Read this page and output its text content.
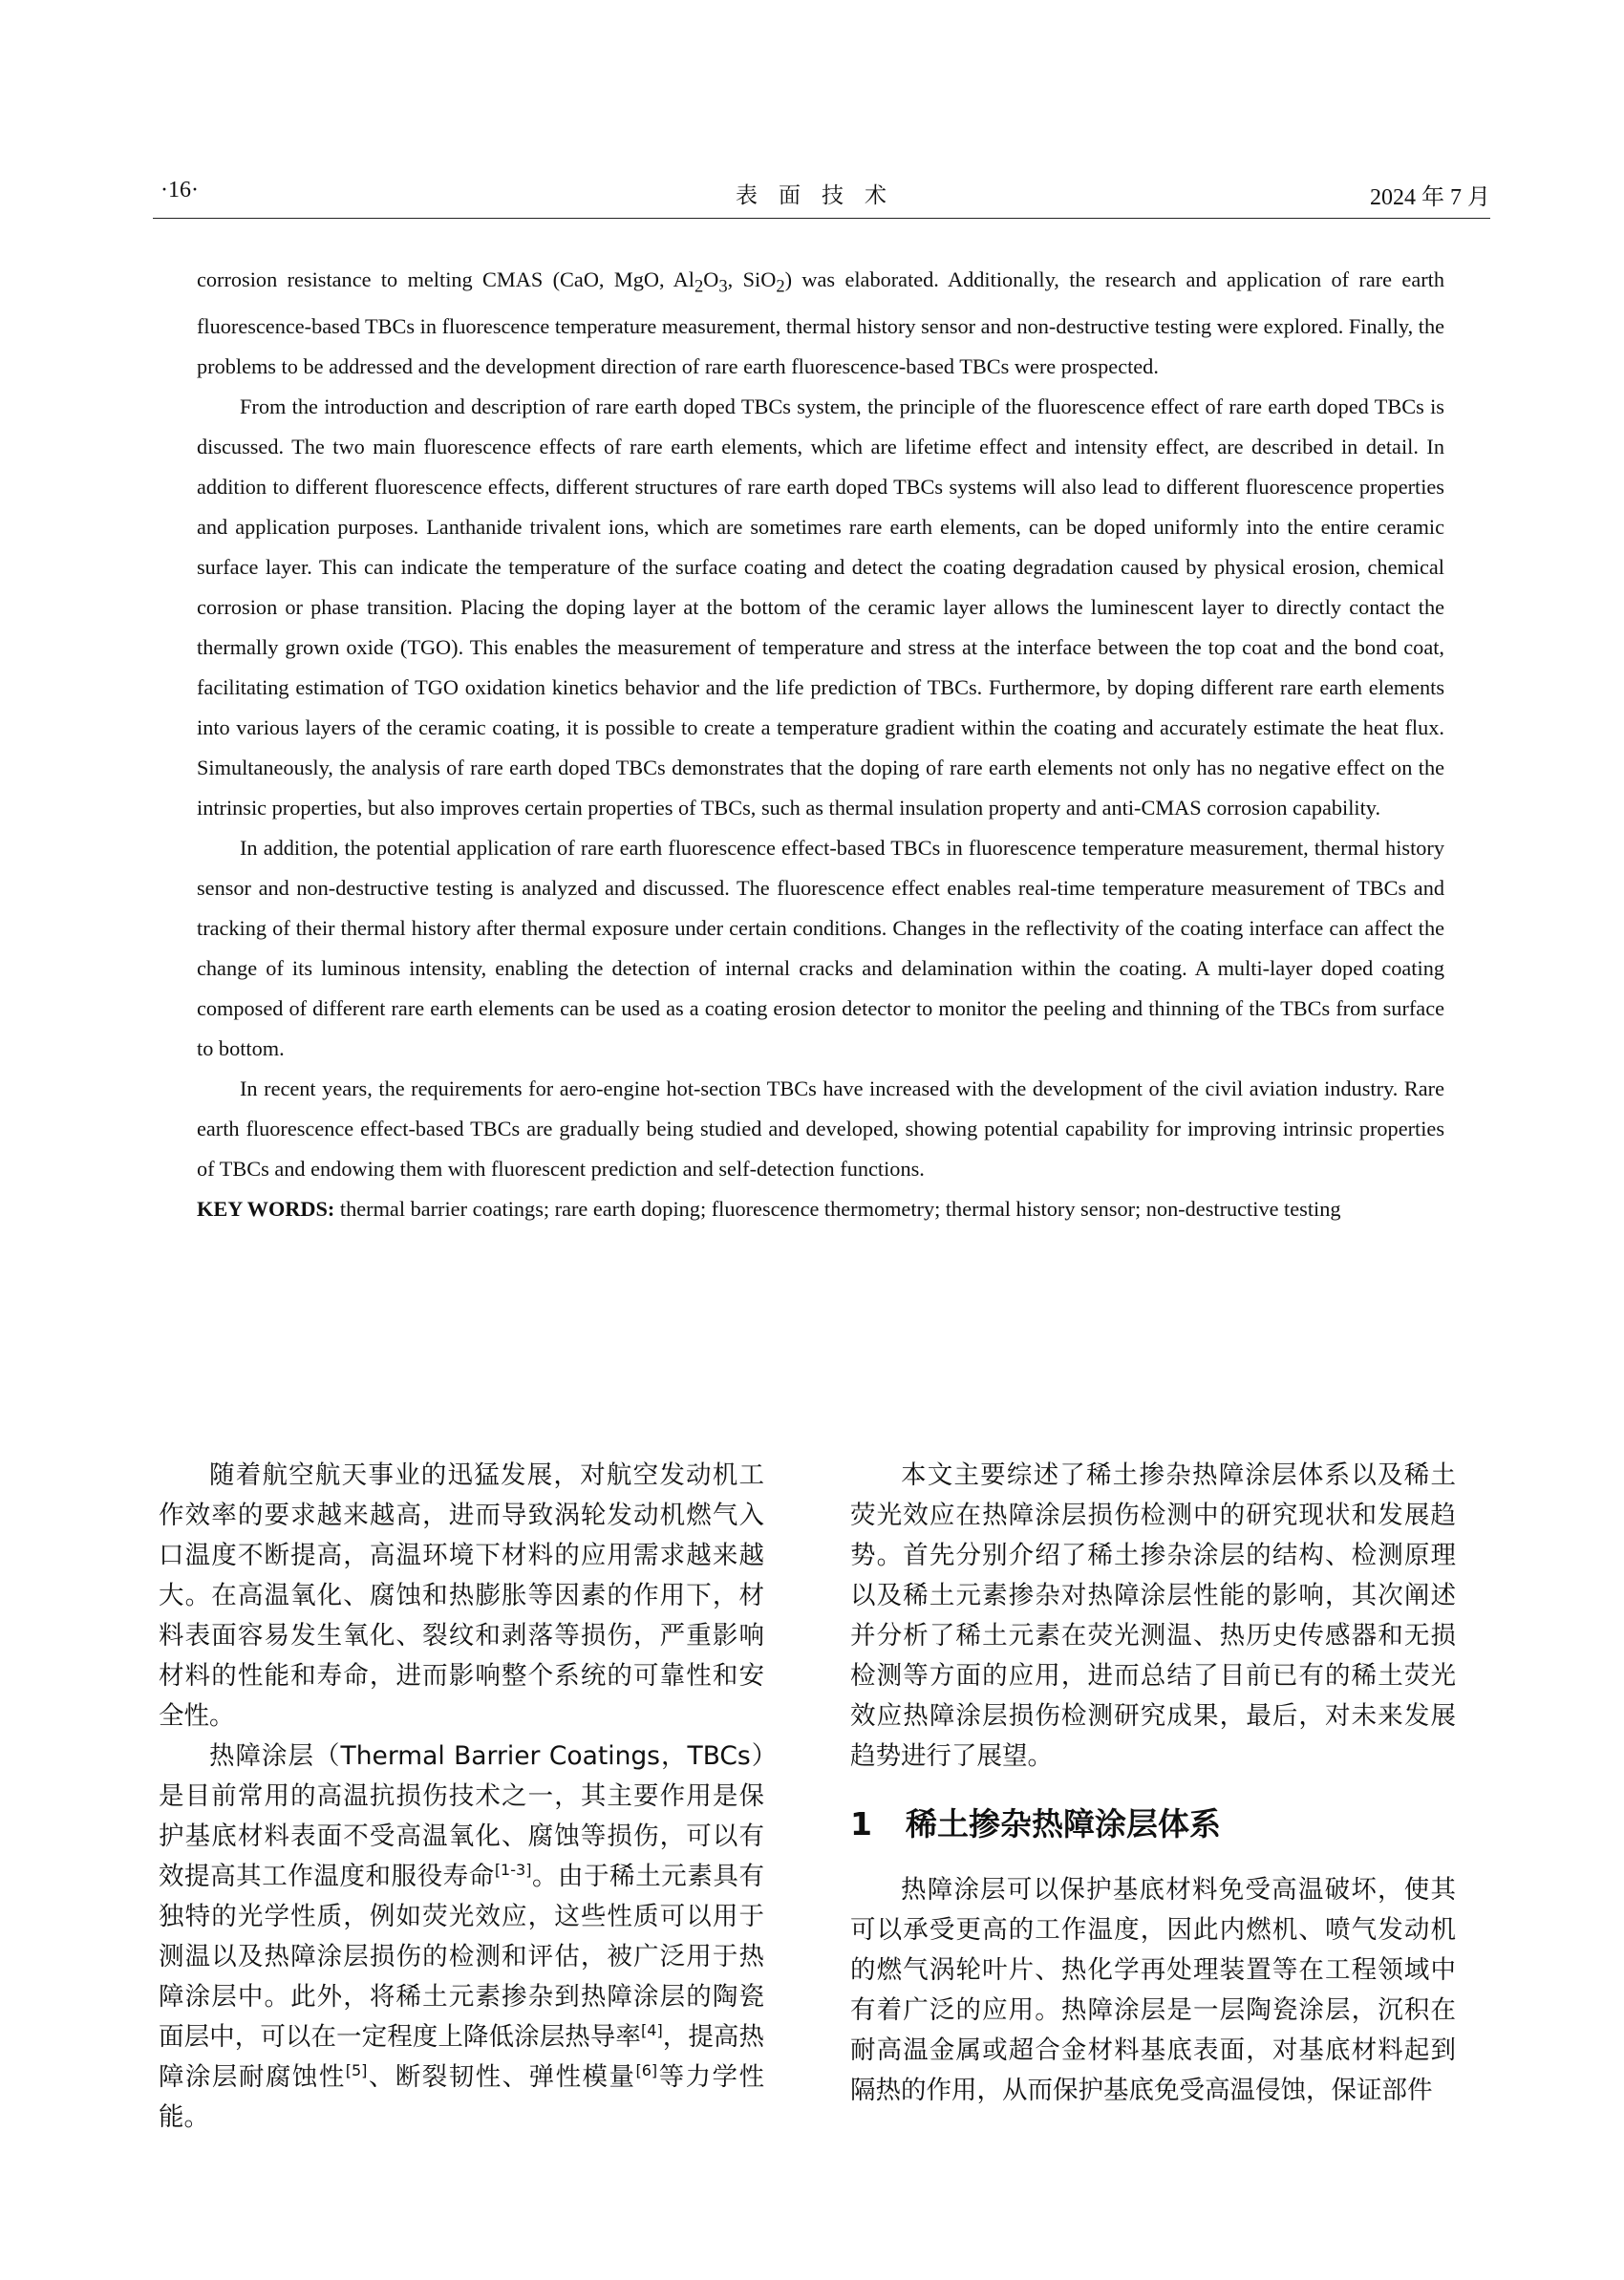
·16·	表面技术	2024 年 7 月

corrosion resistance to melting CMAS (CaO, MgO, $Al_2O_3$, SiO$_2$) was elaborated. Additionally, the research and application of rare earth fluorescence-based TBCs in fluorescence temperature measurement, thermal history sensor and non-destructive testing were explored. Finally, the problems to be addressed and the development direction of rare earth fluorescence-based TBCs were prospected.

From the introduction and description of rare earth doped TBCs system, the principle of the fluorescence effect of rare earth doped TBCs is discussed. The two main fluorescence effects of rare earth elements, which are lifetime effect and intensity effect, are described in detail. In addition to different fluorescence effects, different structures of rare earth doped TBCs systems will also lead to different fluorescence properties and application purposes. Lanthanide trivalent ions, which are sometimes rare earth elements, can be doped uniformly into the entire ceramic surface layer. This can indicate the temperature of the surface coating and detect the coating degradation caused by physical erosion, chemical corrosion or phase transition. Placing the doping layer at the bottom of the ceramic layer allows the luminescent layer to directly contact the thermally grown oxide (TGO). This enables the measurement of temperature and stress at the interface between the top coat and the bond coat, facilitating estimation of TGO oxidation kinetics behavior and the life prediction of TBCs. Furthermore, by doping different rare earth elements into various layers of the ceramic coating, it is possible to create a temperature gradient within the coating and accurately estimate the heat flux. Simultaneously, the analysis of rare earth doped TBCs demonstrates that the doping of rare earth elements not only has no negative effect on the intrinsic properties, but also improves certain properties of TBCs, such as thermal insulation property and anti-CMAS corrosion capability.

In addition, the potential application of rare earth fluorescence effect-based TBCs in fluorescence temperature measurement, thermal history sensor and non-destructive testing is analyzed and discussed. The fluorescence effect enables real-time temperature measurement of TBCs and tracking of their thermal history after thermal exposure under certain conditions. Changes in the reflectivity of the coating interface can affect the change of its luminous intensity, enabling the detection of internal cracks and delamination within the coating. A multi-layer doped coating composed of different rare earth elements can be used as a coating erosion detector to monitor the peeling and thinning of the TBCs from surface to bottom.

In recent years, the requirements for aero-engine hot-section TBCs have increased with the development of the civil aviation industry. Rare earth fluorescence effect-based TBCs are gradually being studied and developed, showing potential capability for improving intrinsic properties of TBCs and endowing them with fluorescent prediction and self-detection functions.

KEY WORDS: thermal barrier coatings; rare earth doping; fluorescence thermometry; thermal history sensor; non-destructive testing

随着航空航天事业的迅猛发展，对航空发动机工作效率的要求越来越高，进而导致涡轮发动机燃气入口温度不断提高，高温环境下材料的应用需求越来越大。在高温氧化、腐蚀和热膨胀等因素的作用下，材料表面容易发生氧化、裂纹和剥落等损伤，严重影响材料的性能和寿命，进而影响整个系统的可靠性和安全性。

热障涂层（Thermal Barrier Coatings，TBCs）是目前常用的高温抗损伤技术之一，其主要作用是保护基底材料表面不受高温氧化、腐蚀等损伤，可以有效提高其工作温度和服役寿命[1-3]。由于稀土元素具有独特的光学性质，例如荧光效应，这些性质可以用于测温以及热障涂层损伤的检测和评估，被广泛用于热障涂层中。此外，将稀土元素掺杂到热障涂层的陶瓷面层中，可以在一定程度上降低涂层热导率[4]，提高热障涂层耐腐蚀性[5]、断裂韧性、弹性模量[6]等力学性能。

本文主要综述了稀土掺杂热障涂层体系以及稀土荧光效应在热障涂层损伤检测中的研究现状和发展趋势。首先分别介绍了稀土掺杂涂层的结构、检测原理以及稀土元素掺杂对热障涂层性能的影响，其次阐述并分析了稀土元素在荧光测温、热历史传感器和无损检测等方面的应用，进而总结了目前已有的稀土荧光效应热障涂层损伤检测研究成果，最后，对未来发展趋势进行了展望。

1 稀土掺杂热障涂层体系

热障涂层可以保护基底材料免受高温破坏，使其可以承受更高的工作温度，因此内燃机、喷气发动机的燃气涡轮叶片、热化学再处理装置等在工程领域中有着广泛的应用。热障涂层是一层陶瓷涂层，沉积在耐高温金属或超合金材料基底表面，对基底材料起到隔热的作用，从而保护基底免受高温侵蚀，保证部件
